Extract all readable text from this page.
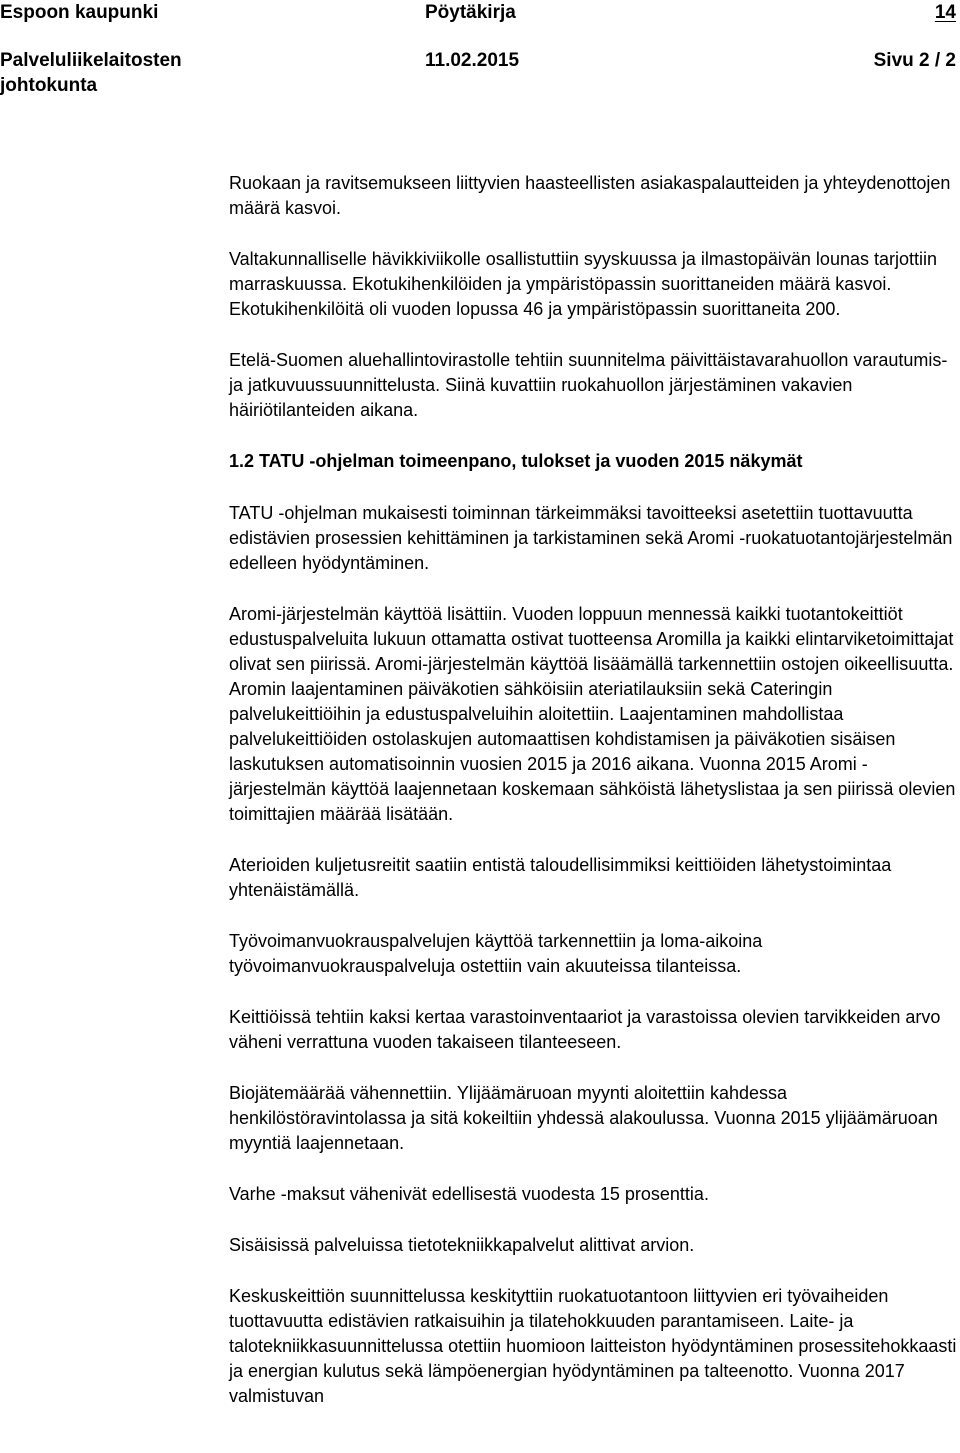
Espoon kaupunki	Pöytäkirja	14
Palveluliikelaitosten johtokunta
11.02.2015	Sivu 2 / 2

Ruokaan ja ravitsemukseen liittyvien haasteellisten asiakaspalautteiden ja yhteydenottojen määrä kasvoi.

Valtakunnalliselle hävikkiviikolle osallistuttiin syyskuussa ja ilmastopäivän lounas tarjottiin marraskuussa. Ekotukihenkilöiden ja ympäristöpassin suorittaneiden määrä kasvoi. Ekotukihenkilöitä oli vuoden lopussa 46 ja ympäristöpassin suorittaneita 200.

Etelä-Suomen aluehallintovirastolle tehtiin suunnitelma päivittäistavarahuollon varautumis- ja jatkuvuussuunnittelusta. Siinä kuvattiin ruokahuollon järjestäminen vakavien häiriötilanteiden aikana.

1.2 TATU -ohjelman toimeenpano, tulokset ja vuoden 2015 näkymät

TATU -ohjelman mukaisesti toiminnan tärkeimmäksi tavoitteeksi asetettiin tuottavuutta edistävien prosessien kehittäminen ja tarkistaminen sekä Aromi -ruokatuotantojärjestelmän edelleen hyödyntäminen.

Aromi-järjestelmän käyttöä lisättiin. Vuoden loppuun mennessä kaikki tuotantokeittiöt edustuspalveluita lukuun ottamatta ostivat tuotteensa Aromilla ja kaikki elintarviketoimittajat olivat sen piirissä. Aromi-järjestelmän käyttöä lisäämällä tarkennettiin ostojen oikeellisuutta. Aromin laajentaminen päiväkotien sähköisiin ateriatilauksiin sekä Cateringin palvelukeittiöihin ja edustuspalveluihin aloitettiin. Laajentaminen mahdollistaa palvelukeittiöiden ostolaskujen automaattisen kohdistamisen ja päiväkotien sisäisen laskutuksen automatisoinnin vuosien 2015 ja 2016 aikana. Vuonna 2015 Aromi -järjestelmän käyttöä laajennetaan koskemaan sähköistä lähetyslistaa ja sen piirissä olevien toimittajien määrää lisätään.

Aterioiden kuljetusreitit saatiin entistä taloudellisimmiksi keittiöiden lähetystoimintaa yhtenäistämällä.

Työvoimanvuokrauspalvelujen käyttöä tarkennettiin ja loma-aikoina työvoimanvuokrauspalveluja ostettiin vain akuuteissa tilanteissa.

Keittiöissä tehtiin kaksi kertaa varastoinventaariot ja varastoissa olevien tarvikkeiden arvo väheni verrattuna vuoden takaiseen tilanteeseen.

Biojätemäärää vähennettiin. Ylijäämäruoan myynti aloitettiin kahdessa henkilöstöravintolassa ja sitä kokeiltiin yhdessä alakoulussa. Vuonna 2015 ylijäämäruoan myyntiä laajennetaan.

Varhe -maksut vähenivät edellisestä vuodesta 15 prosenttia.

Sisäisissä palveluissa tietotekniikkapalvelut alittivat arvion.

Keskuskeittiön suunnittelussa keskityttiin ruokatuotantoon liittyvien eri työvaiheiden tuottavuutta edistävien ratkaisuihin ja tilatehokkuuden parantamiseen. Laite- ja talotekniikkasuunnittelussa otettiin huomioon laitteiston hyödyntäminen prosessitehokkaasti ja energian kulutus sekä lämpöenergian hyödyntäminen pa talteenotto. Vuonna 2017 valmistuvan
